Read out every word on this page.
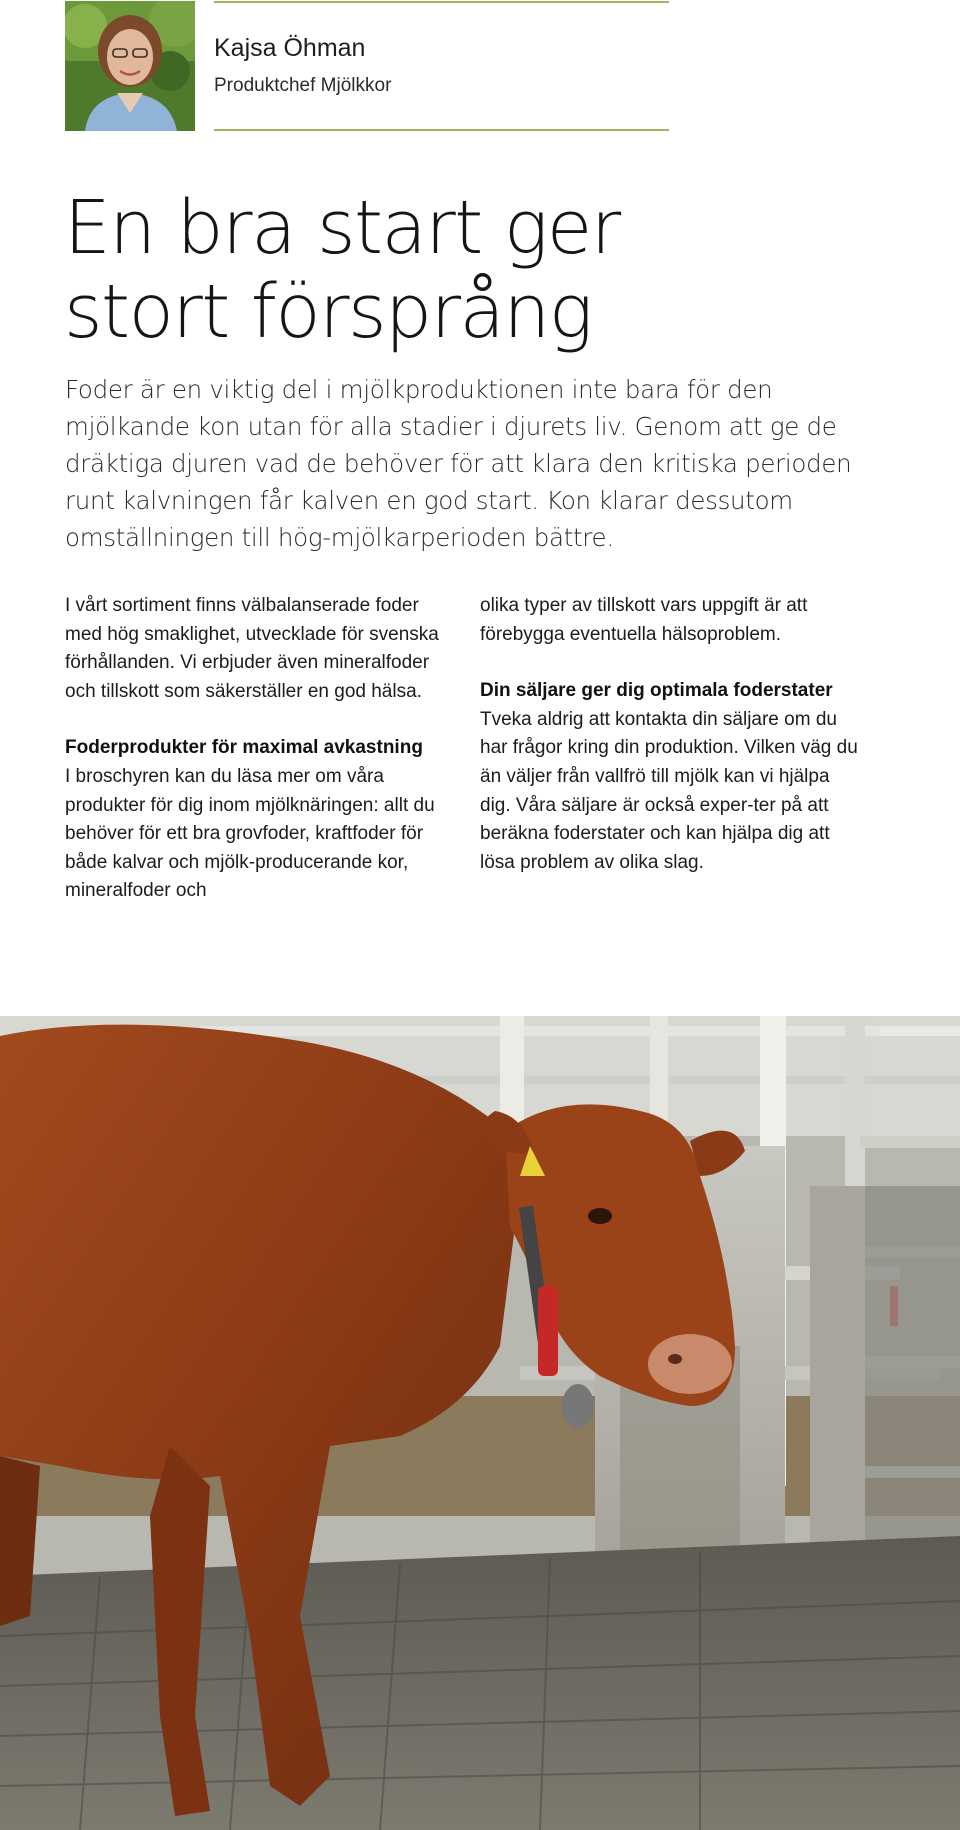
Kajsa Öhman
Produktchef Mjölkkor
En bra start ger
stort försprång

Foder är en viktig del i mjölkproduktionen inte bara för den mjölkande kon utan för alla stadier i djurets liv. Genom att ge de dräktiga djuren vad de behöver för att klara den kritiska perioden runt kalvningen får kalven en god start. Kon klarar dessutom omställningen till hög-mjölkarperioden bättre.

I vårt sortiment finns välbalanserade foder med hög smaklighet, utvecklade för svenska förhållanden. Vi erbjuder även mineralfoder och tillskott som säkerställer en god hälsa.

Foderprodukter för maximal avkastning

I broschyren kan du läsa mer om våra produkter för dig inom mjölknäringen: allt du behöver för ett bra grovfoder, kraftfoder för både kalvar och mjölk-producerande kor, mineralfoder och

olika typer av tillskott vars uppgift är att förebygga eventuella hälsoproblem.

Din säljare ger dig optimala foderstater

Tveka aldrig att kontakta din säljare om du har frågor kring din produktion. Vilken väg du än väljer från vallfrö till mjölk kan vi hjälpa dig. Våra säljare är också exper-ter på att beräkna foderstater och kan hjälpa dig att lösa problem av olika slag.
